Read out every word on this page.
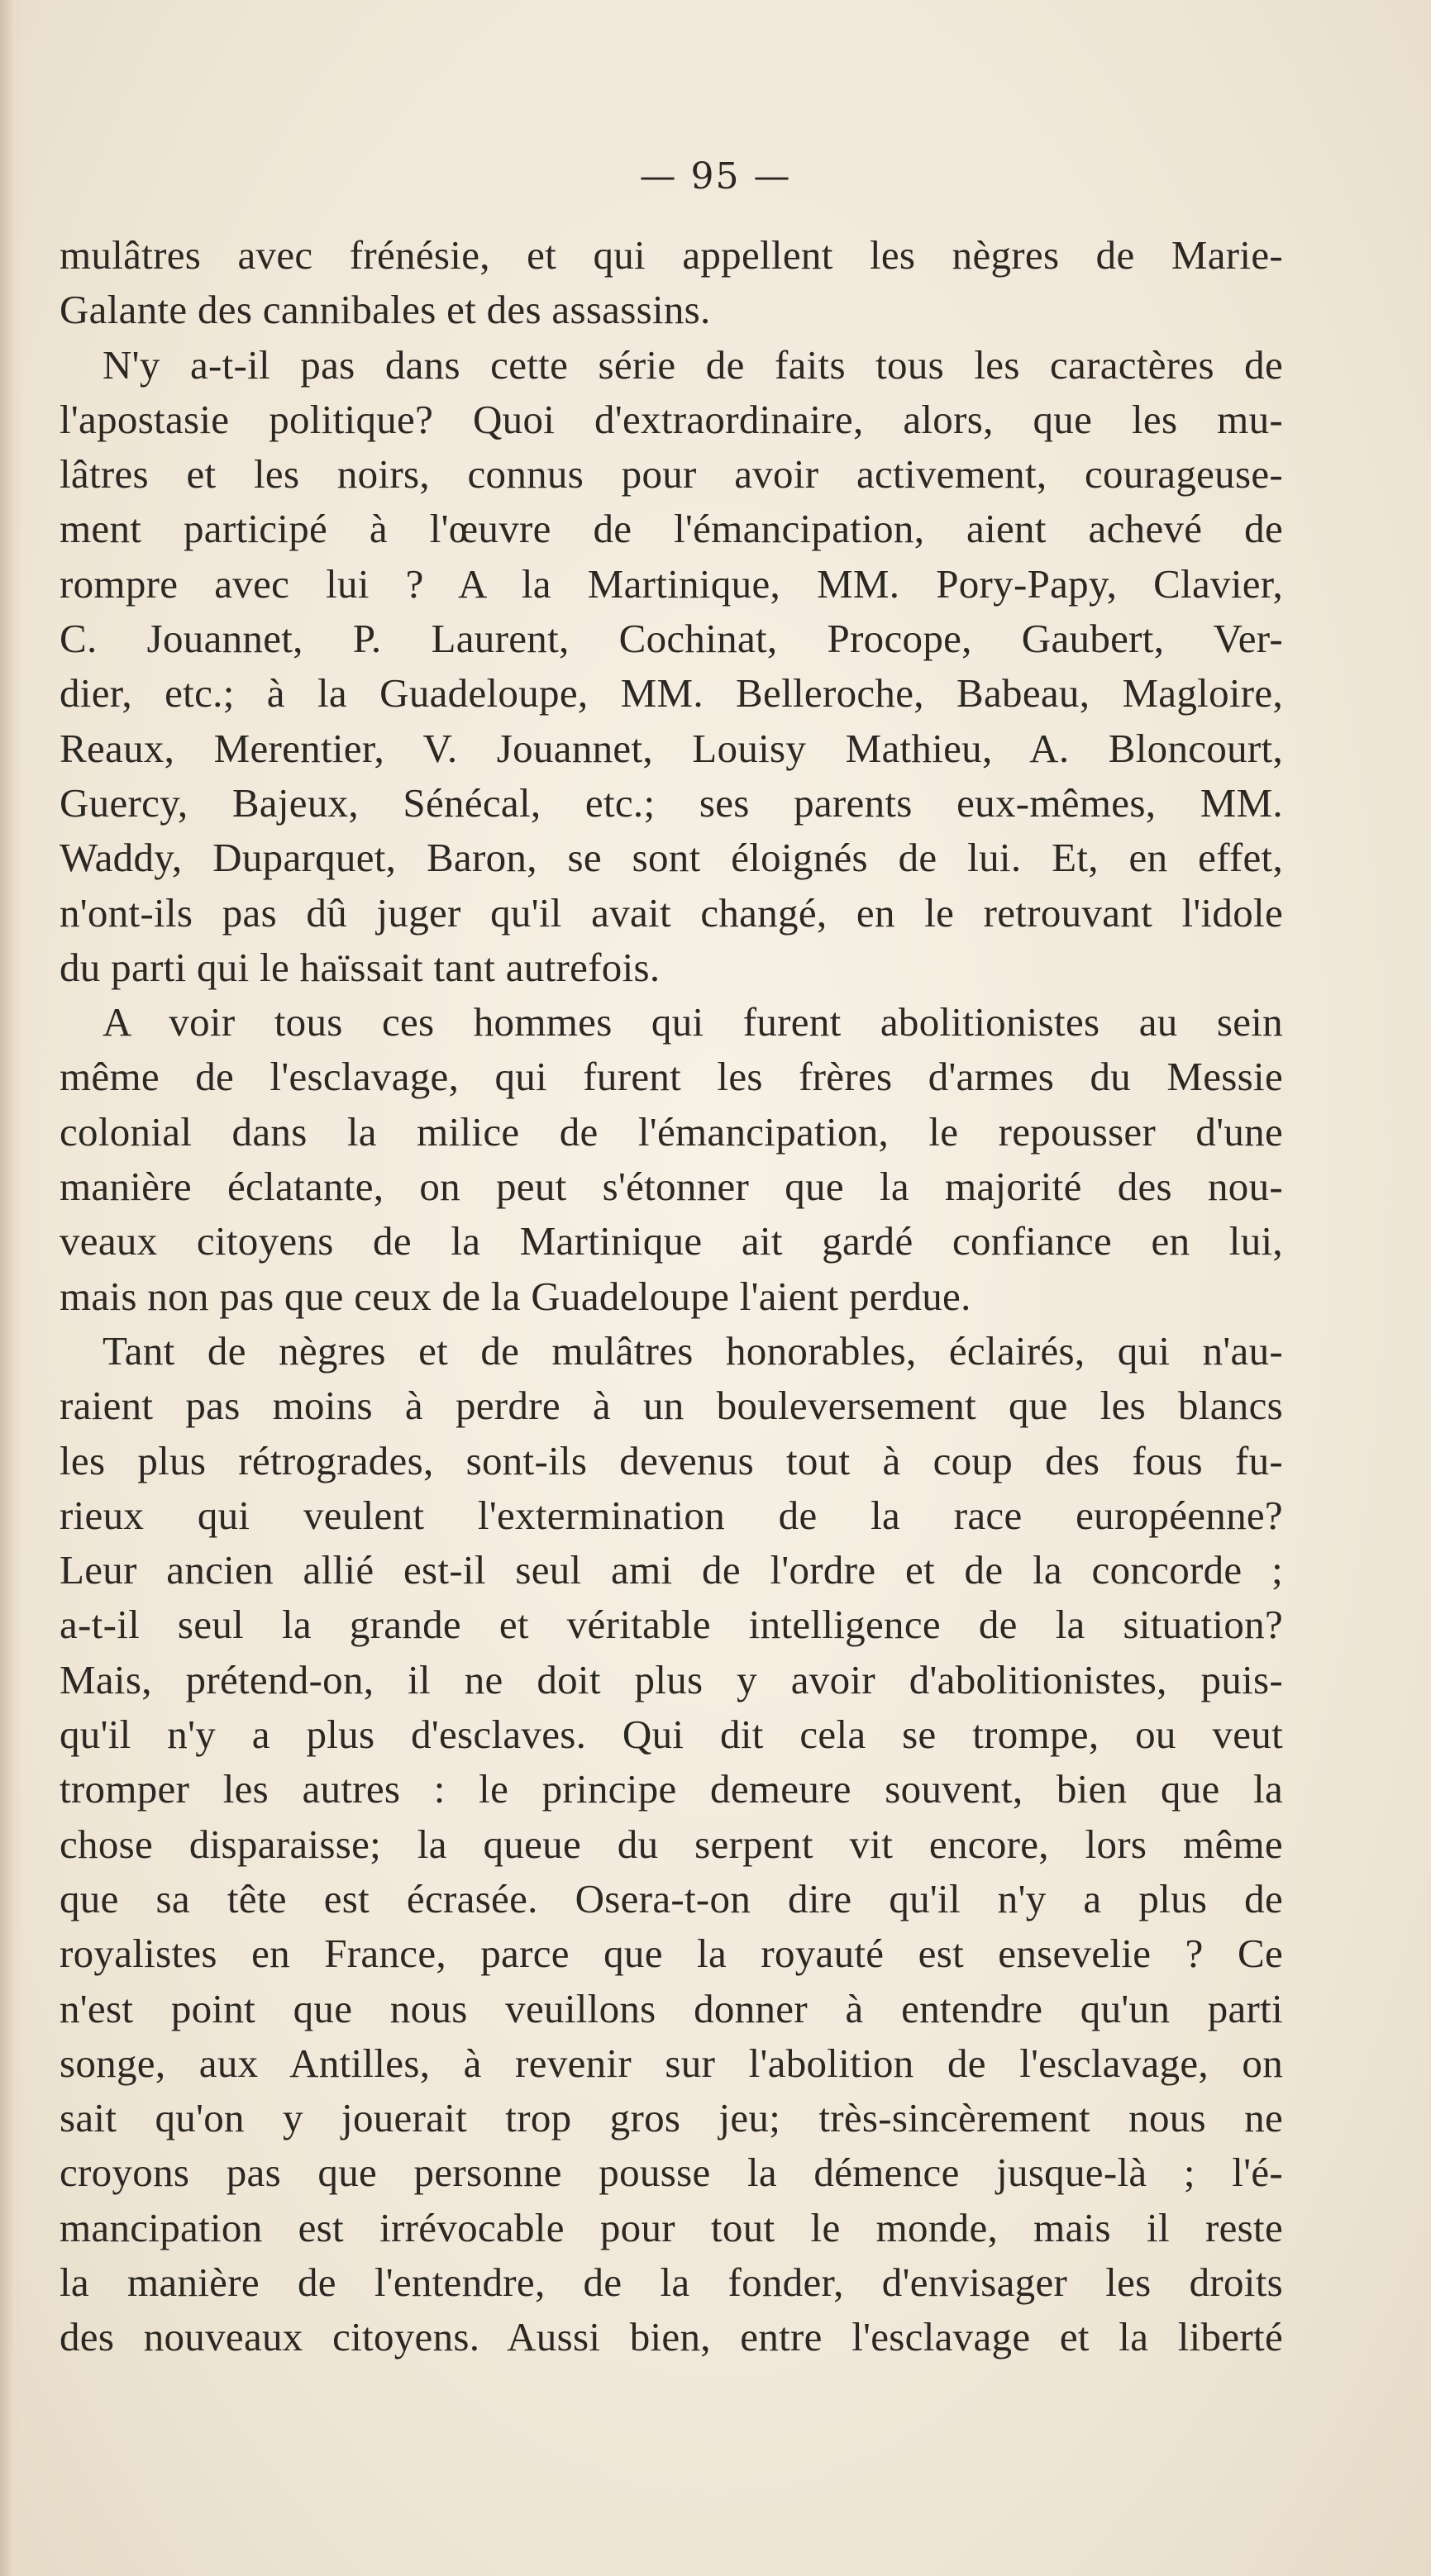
— 95 —
mulâtres avec frénésie, et qui appellent les nègres de Marie-
Galante des cannibales et des assassins.
N'y a-t-il pas dans cette série de faits tous les caractères de
l'apostasie politique? Quoi d'extraordinaire, alors, que les mu-
lâtres et les noirs, connus pour avoir activement, courageuse-
ment participé à l'œuvre de l'émancipation, aient achevé de
rompre avec lui ? A la Martinique, MM. Pory-Papy, Clavier,
C. Jouannet, P. Laurent, Cochinat, Procope, Gaubert, Ver-
dier, etc.; à la Guadeloupe, MM. Belleroche, Babeau, Magloire,
Reaux, Merentier, V. Jouannet, Louisy Mathieu, A. Bloncourt,
Guercy, Bajeux, Sénécal, etc.; ses parents eux-mêmes, MM.
Waddy, Duparquet, Baron, se sont éloignés de lui. Et, en effet,
n'ont-ils pas dû juger qu'il avait changé, en le retrouvant l'idole
du parti qui le haïssait tant autrefois.
A voir tous ces hommes qui furent abolitionistes au sein
même de l'esclavage, qui furent les frères d'armes du Messie
colonial dans la milice de l'émancipation, le repousser d'une
manière éclatante, on peut s'étonner que la majorité des nou-
veaux citoyens de la Martinique ait gardé confiance en lui,
mais non pas que ceux de la Guadeloupe l'aient perdue.
Tant de nègres et de mulâtres honorables, éclairés, qui n'au-
raient pas moins à perdre à un bouleversement que les blancs
les plus rétrogrades, sont-ils devenus tout à coup des fous fu-
rieux qui veulent l'extermination de la race européenne?
Leur ancien allié est-il seul ami de l'ordre et de la concorde ;
a-t-il seul la grande et véritable intelligence de la situation?
Mais, prétend-on, il ne doit plus y avoir d'abolitionistes, puis-
qu'il n'y a plus d'esclaves. Qui dit cela se trompe, ou veut
tromper les autres : le principe demeure souvent, bien que la
chose disparaisse; la queue du serpent vit encore, lors même
que sa tête est écrasée. Osera-t-on dire qu'il n'y a plus de
royalistes en France, parce que la royauté est ensevelie ? Ce
n'est point que nous veuillons donner à entendre qu'un parti
songe, aux Antilles, à revenir sur l'abolition de l'esclavage, on
sait qu'on y jouerait trop gros jeu; très-sincèrement nous ne
croyons pas que personne pousse la démence jusque-là ; l'é-
mancipation est irrévocable pour tout le monde, mais il reste
la manière de l'entendre, de la fonder, d'envisager les droits
des nouveaux citoyens. Aussi bien, entre l'esclavage et la liberté
